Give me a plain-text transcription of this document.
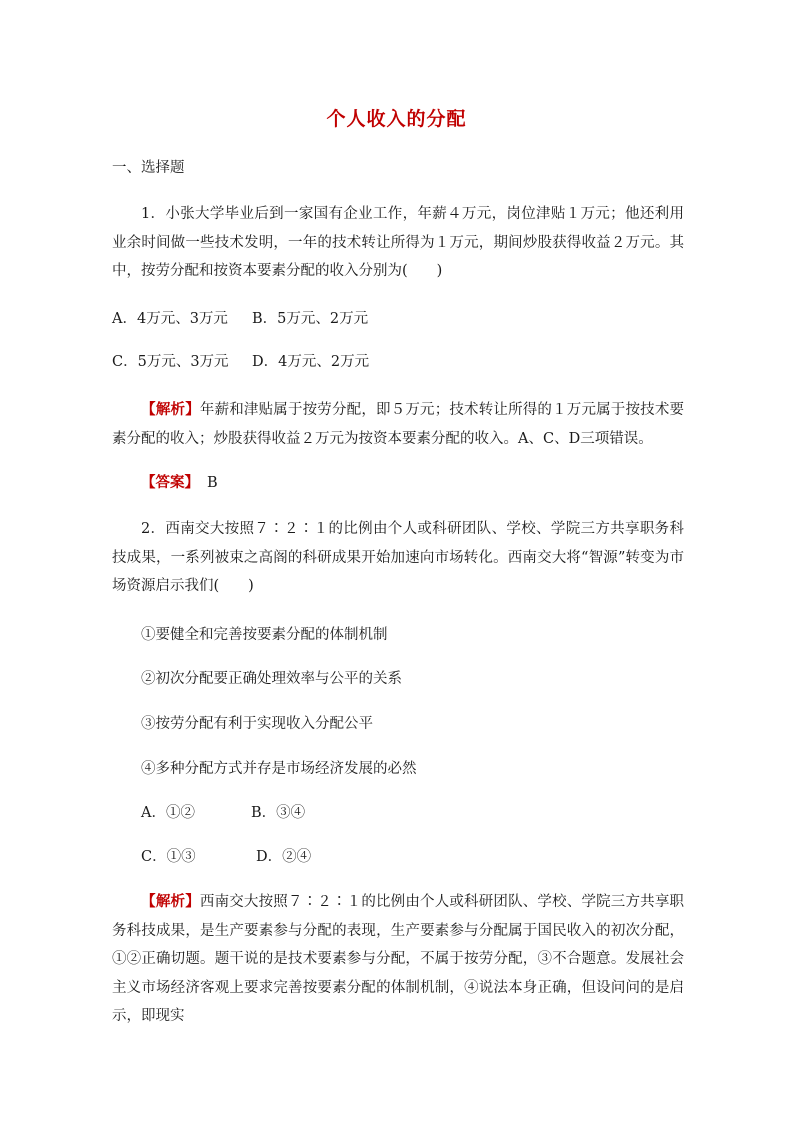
个人收入的分配
一、选择题
1．小张大学毕业后到一家国有企业工作，年薪４万元，岗位津贴１万元；他还利用业余时间做一些技术发明，一年的技术转让所得为１万元，期间炒股获得收益２万元。其中，按劳分配和按资本要素分配的收入分别为(　　)
A．4万元、3万元 B．5万元、2万元
C．5万元、3万元 D．4万元、2万元
【解析】年薪和津贴属于按劳分配，即５万元；技术转让所得的１万元属于按技术要素分配的收入；炒股获得收益２万元为按资本要素分配的收入。A、C、D三项错误。
【答案】 B
2．西南交大按照７∶２∶１的比例由个人或科研团队、学校、学院三方共享职务科技成果，一系列被束之高阁的科研成果开始加速向市场转化。西南交大将“智源”转变为市场资源启示我们(　　)
①要健全和完善按要素分配的体制机制
②初次分配要正确处理效率与公平的关系
③按劳分配有利于实现收入分配公平
④多种分配方式并存是市场经济发展的必然
A．①②	B．③④
C．①③	D．②④
【解析】西南交大按照７∶２∶１的比例由个人或科研团队、学校、学院三方共享职务科技成果，是生产要素参与分配的表现，生产要素参与分配属于国民收入的初次分配，①②正确切题。题干说的是技术要素参与分配，不属于按劳分配，③不合题意。发展社会主义市场经济客观上要求完善按要素分配的体制机制，④说法本身正确，但设问问的是启示，即现实
